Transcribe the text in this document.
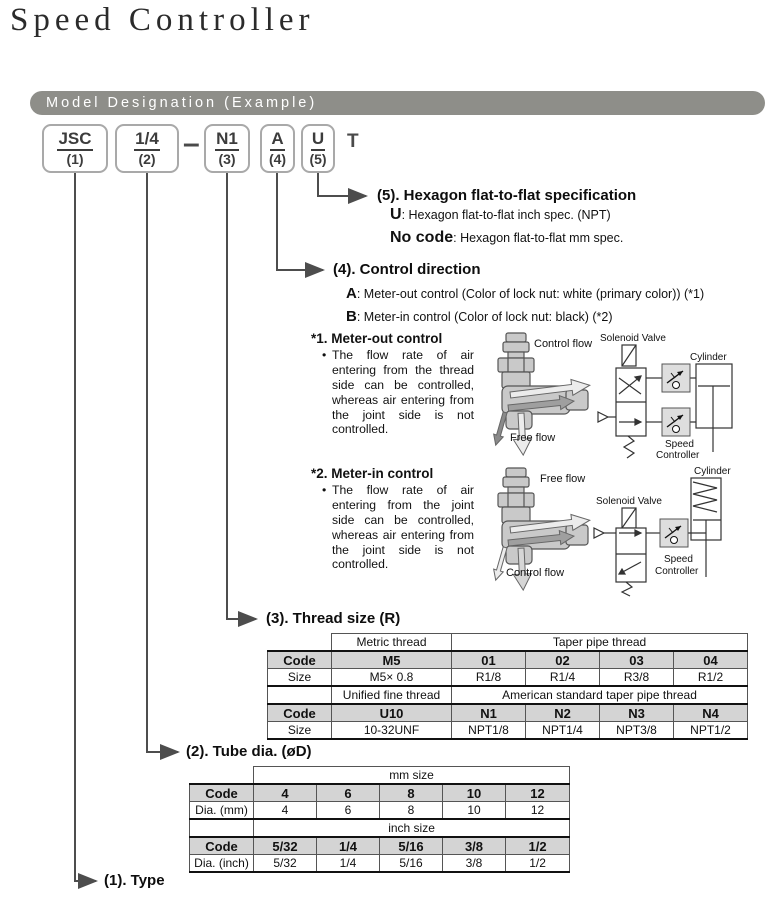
Speed Controller
Model Designation (Example)
JSC
(1)
1/4
(2) – N1
(3)
A
(4)
U
(5)
T
(5). Hexagon flat-to-flat specification
U: Hexagon flat-to-flat inch spec. (NPT)
No code: Hexagon flat-to-flat mm spec.
(4). Control direction
A: Meter-out control (Color of lock nut: white (primary color)) (*1)
B: Meter-in control (Color of lock nut: black) (*2)
*1. Meter-out control
• The flow rate of air entering from the thread side can be controlled, whereas air entering from the joint side is not controlled.
Control flow
Free flow
Solenoid Valve
Cylinder
Speed
Controller
*2. Meter-in control
• The flow rate of air entering from the joint side can be controlled, whereas air entering from the joint side is not controlled.
Free flow
Control flow
Cylinder
Solenoid Valve
Speed
Controller
(3). Thread size (R)
	Metric thread	Taper pipe thread			
Code	M5	01	02	03	04
Size	M5× 0.8	R1/8	R1/4	R3/8	R1/2
	Unified fine thread	American standard taper pipe thread			
Code	U10	N1	N2	N3	N4
Size	10-32UNF	NPT1/8	NPT1/4	NPT3/8	NPT1/2
(2). Tube dia. (øD)
	mm size				
Code	4	6	8	10	12
Dia. (mm)	4	6	8	10	12
	inch size				
Code	5/32	1/4	5/16	3/8	1/2
Dia. (inch)	5/32	1/4	5/16	3/8	1/2
(1). Type
